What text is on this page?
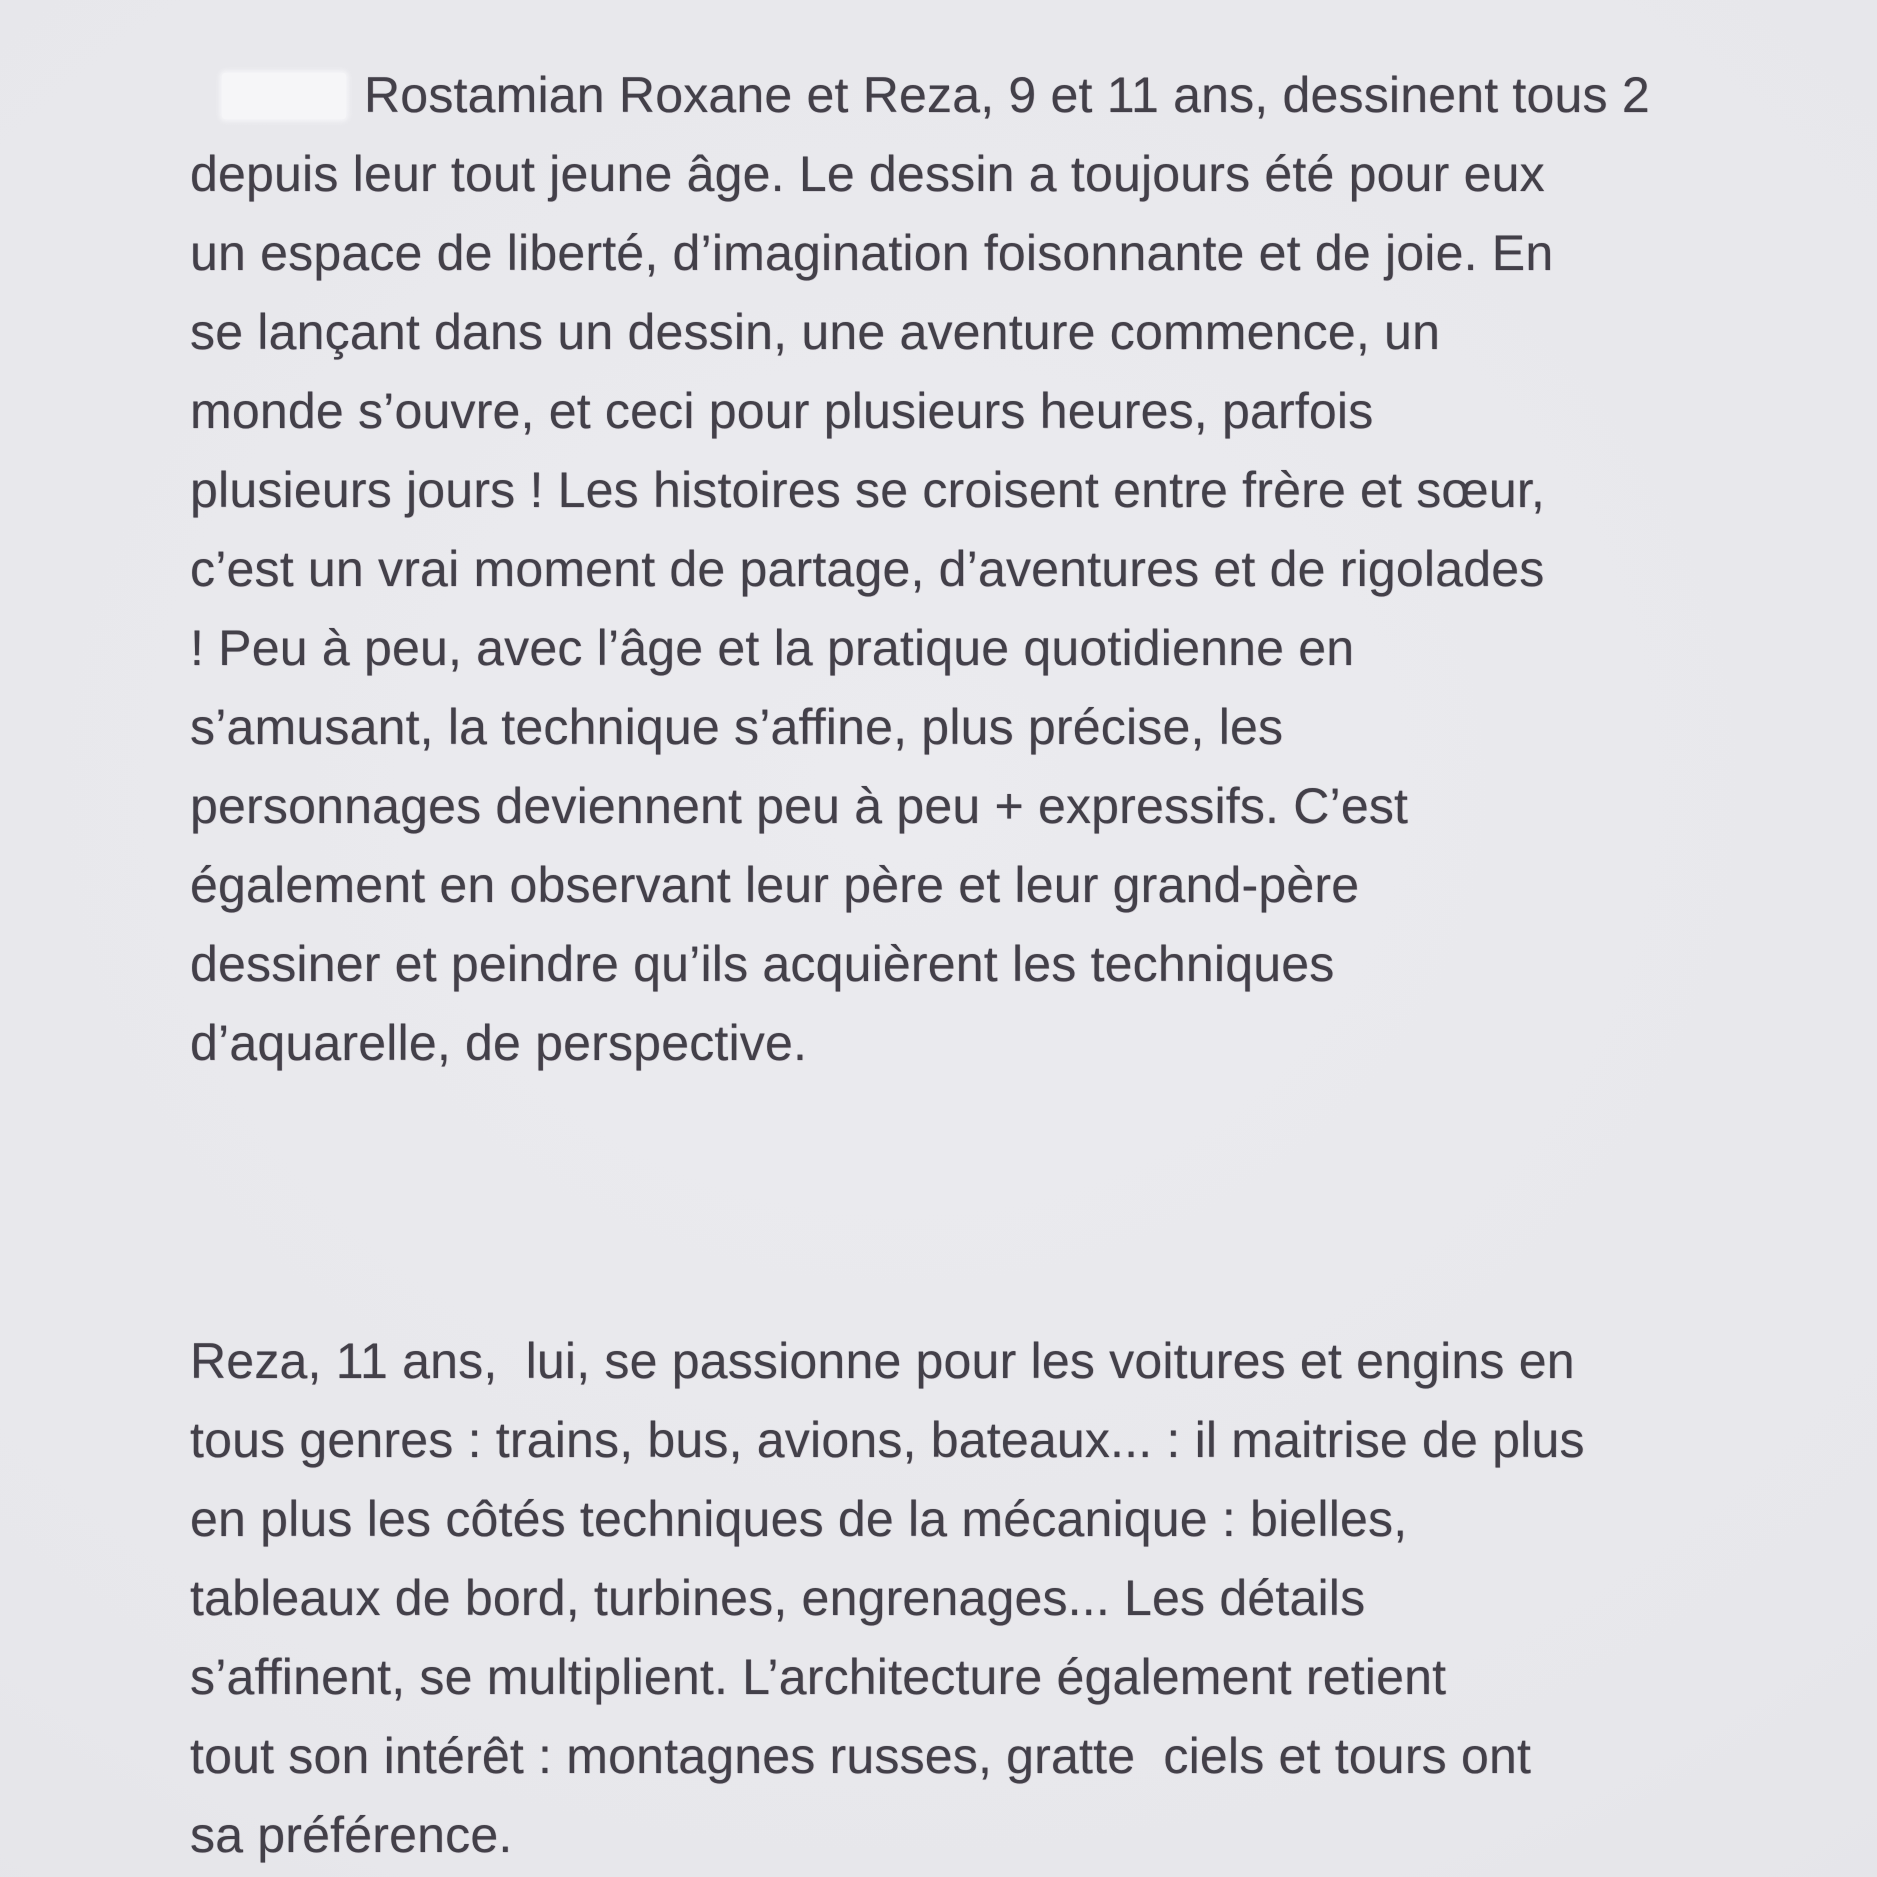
Rostamian Roxane et Reza, 9 et 11 ans, dessinent tous 2
depuis leur tout jeune âge. Le dessin a toujours été pour eux
un espace de liberté, d’imagination foisonnante et de joie. En
se lançant dans un dessin, une aventure commence, un
monde s’ouvre, et ceci pour plusieurs heures, parfois
plusieurs jours ! Les histoires se croisent entre frère et sœur,
c’est un vrai moment de partage, d’aventures et de rigolades
! Peu à peu, avec l’âge et la pratique quotidienne en
s’amusant, la technique s’affine, plus précise, les
personnages deviennent peu à peu + expressifs. C’est
également en observant leur père et leur grand-père
dessiner et peindre qu’ils acquièrent les techniques
d’aquarelle, de perspective.
Reza, 11 ans,  lui, se passionne pour les voitures et engins en
tous genres : trains, bus, avions, bateaux... : il maitrise de plus
en plus les côtés techniques de la mécanique : bielles,
tableaux de bord, turbines, engrenages... Les détails
s’affinent, se multiplient. L’architecture également retient
tout son intérêt : montagnes russes, gratte  ciels et tours ont
sa préférence.
